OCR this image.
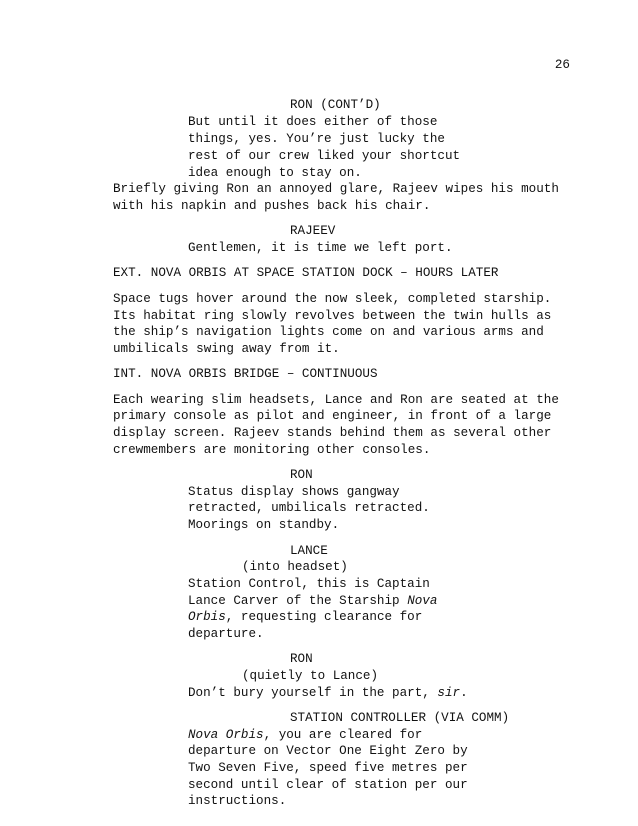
26
RON (CONT’D)
But until it does either of those
things, yes. You’re just lucky the
rest of our crew liked your shortcut
idea enough to stay on.
Briefly giving Ron an annoyed glare, Rajeev wipes his mouth
with his napkin and pushes back his chair.
RAJEEV
Gentlemen, it is time we left port.
EXT. NOVA ORBIS AT SPACE STATION DOCK – HOURS LATER
Space tugs hover around the now sleek, completed starship.
Its habitat ring slowly revolves between the twin hulls as
the ship’s navigation lights come on and various arms and
umbilicals swing away from it.
INT. NOVA ORBIS BRIDGE – CONTINUOUS
Each wearing slim headsets, Lance and Ron are seated at the
primary console as pilot and engineer, in front of a large
display screen. Rajeev stands behind them as several other
crewmembers are monitoring other consoles.
RON
Status display shows gangway
retracted, umbilicals retracted.
Moorings on standby.
LANCE
(into headset)
Station Control, this is Captain
Lance Carver of the Starship Nova
Orbis, requesting clearance for
departure.
RON
(quietly to Lance)
Don’t bury yourself in the part, sir.
STATION CONTROLLER (VIA COMM)
Nova Orbis, you are cleared for
departure on Vector One Eight Zero by
Two Seven Five, speed five metres per
second until clear of station per our
instructions.
